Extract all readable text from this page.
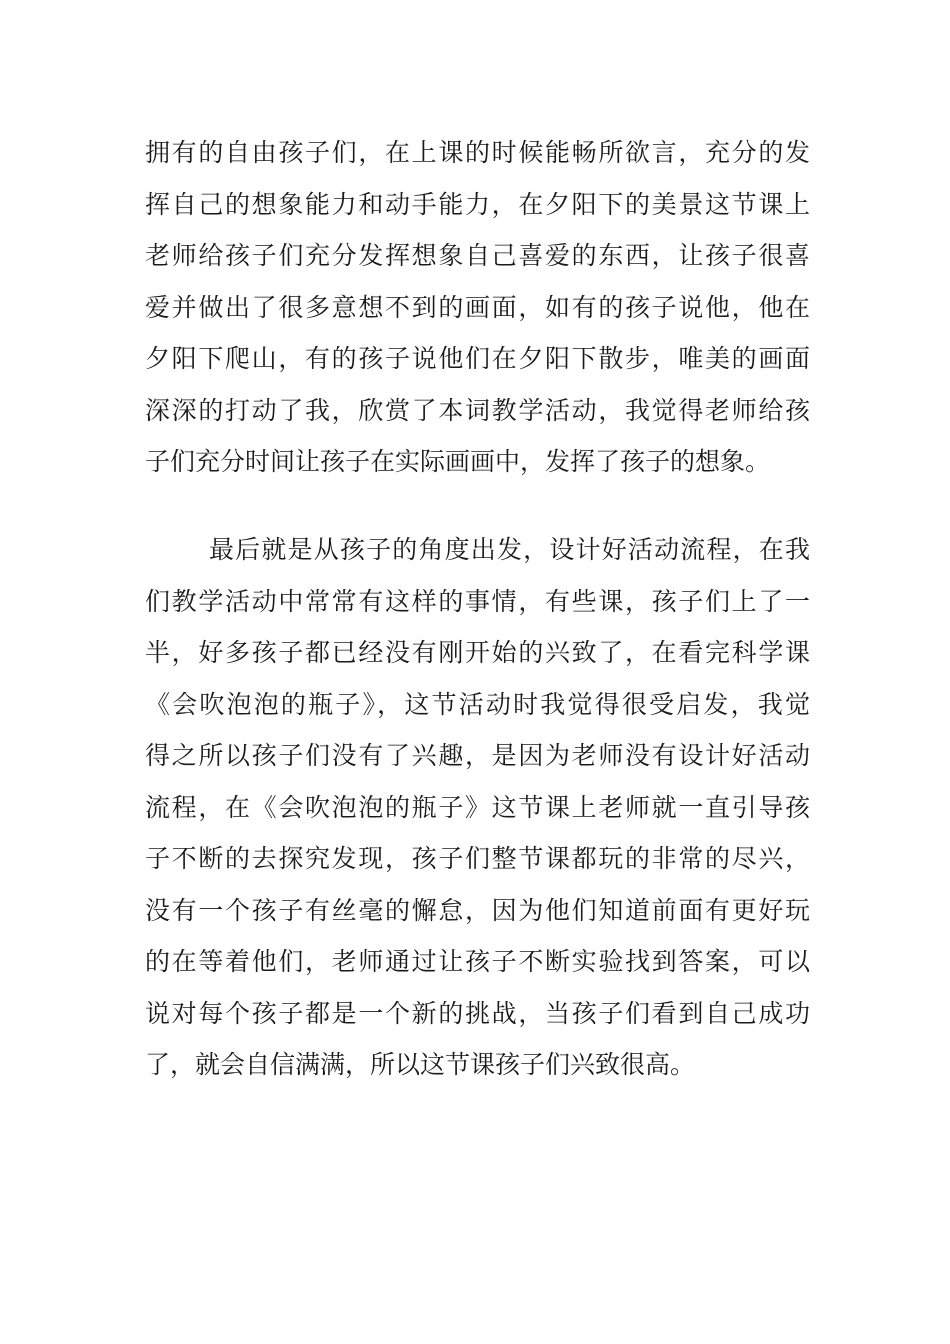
拥有的自由孩子们，在上课的时候能畅所欲言，充分的发
挥自己的想象能力和动手能力，在夕阳下的美景这节课上
老师给孩子们充分发挥想象自己喜爱的东西，让孩子很喜
爱并做出了很多意想不到的画面，如有的孩子说他，他在
夕阳下爬山，有的孩子说他们在夕阳下散步，唯美的画面
深深的打动了我，欣赏了本词教学活动，我觉得老师给孩
子们充分时间让孩子在实际画画中，发挥了孩子的想象。
最后就是从孩子的角度出发，设计好活动流程，在我
们教学活动中常常有这样的事情，有些课，孩子们上了一
半，好多孩子都已经没有刚开始的兴致了，在看完科学课
《会吹泡泡的瓶子》，这节活动时我觉得很受启发，我觉
得之所以孩子们没有了兴趣，是因为老师没有设计好活动
流程，在《会吹泡泡的瓶子》这节课上老师就一直引导孩
子不断的去探究发现，孩子们整节课都玩的非常的尽兴，
没有一个孩子有丝毫的懈怠，因为他们知道前面有更好玩
的在等着他们，老师通过让孩子不断实验找到答案，可以
说对每个孩子都是一个新的挑战，当孩子们看到自己成功
了，就会自信满满，所以这节课孩子们兴致很高。
